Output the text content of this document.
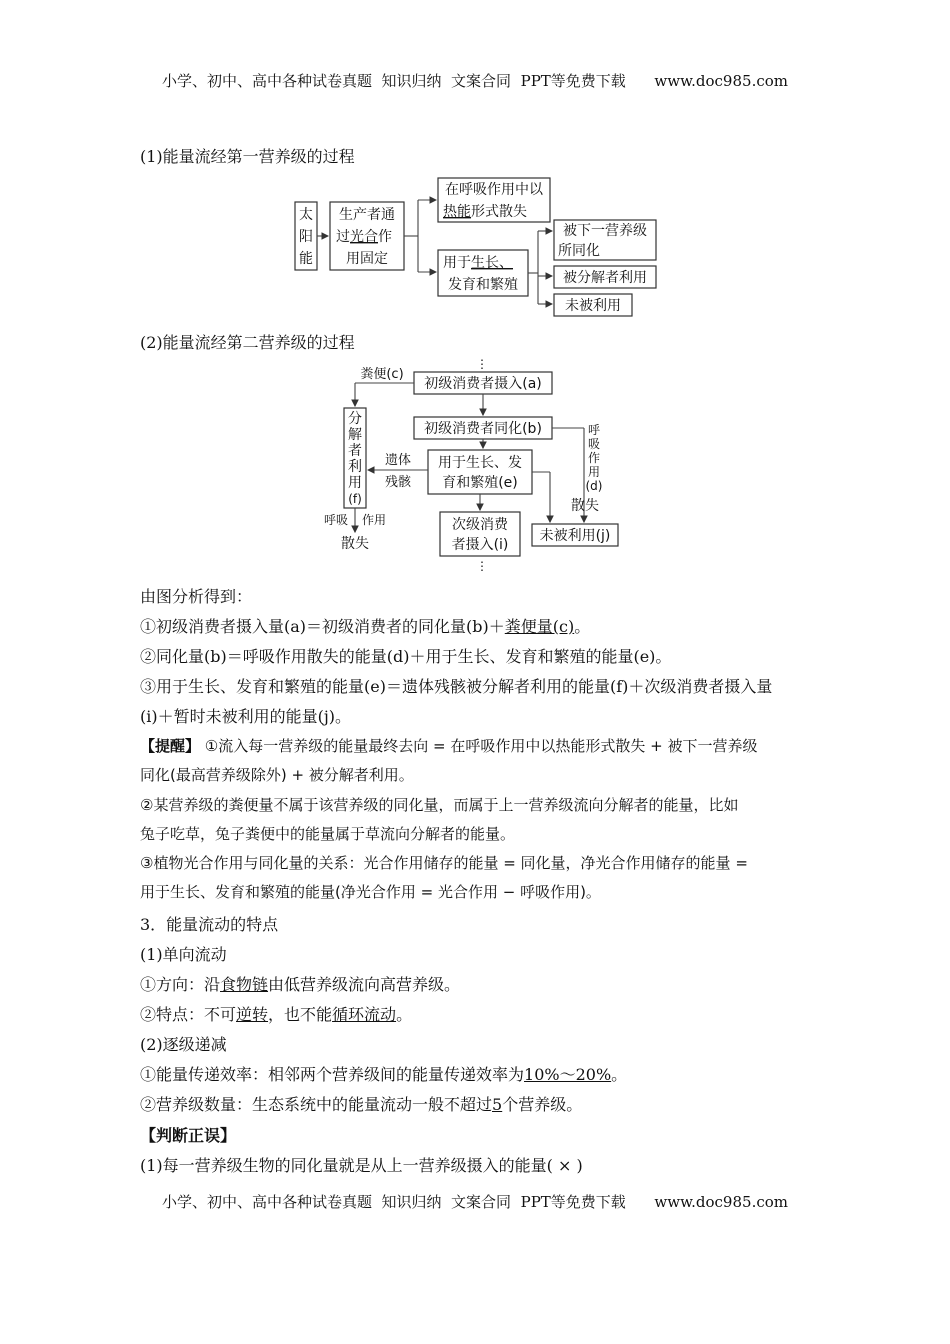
小学、初中、高中各种试卷真题  知识归纳  文案合同  PPT等免费下载      www.doc985.com
(1)能量流经第一营养级的过程
太
阳
能
生产者通
过光合作
用固定
在呼吸作用中以
热能形式散失
用于生长、
发育和繁殖
被下一营养级
所同化
被分解者利用
未被利用
(2)能量流经第二营养级的过程
⋮
初级消费者摄入(a)
粪便(c)
初级消费者同化(b)	呼
吸
作
用
(d)
散失
分
解
者
利
用
(f)
用于生长、发
育和繁殖(e)
遗体
残骸
次级消费
者摄入(i)
未被利用(j)
呼吸 作用
散失
⋮
由图分析得到：
①初级消费者摄入量(a)＝初级消费者的同化量(b)＋粪便量(c)。
②同化量(b)＝呼吸作用散失的能量(d)＋用于生长、发育和繁殖的能量(e)。
③用于生长、发育和繁殖的能量(e)＝遗体残骸被分解者利用的能量(f)＋次级消费者摄入量
(i)＋暂时未被利用的能量(j)。
【提醒】 ①流入每一营养级的能量最终去向 = 在呼吸作用中以热能形式散失 + 被下一营养级
同化(最高营养级除外) + 被分解者利用。
②某营养级的粪便量不属于该营养级的同化量，而属于上一营养级流向分解者的能量，比如
兔子吃草，兔子粪便中的能量属于草流向分解者的能量。
③植物光合作用与同化量的关系：光合作用储存的能量 = 同化量，净光合作用储存的能量 =
用于生长、发育和繁殖的能量(净光合作用 = 光合作用 − 呼吸作用)。
3．能量流动的特点
(1)单向流动
①方向：沿食物链由低营养级流向高营养级。
②特点：不可逆转，也不能循环流动。
(2)逐级递减
①能量传递效率：相邻两个营养级间的能量传递效率为10%～20%。
②营养级数量：生态系统中的能量流动一般不超过5个营养级。
【判断正误】
(1)每一营养级生物的同化量就是从上一营养级摄入的能量( × )
小学、初中、高中各种试卷真题  知识归纳  文案合同  PPT等免费下载      www.doc985.com
